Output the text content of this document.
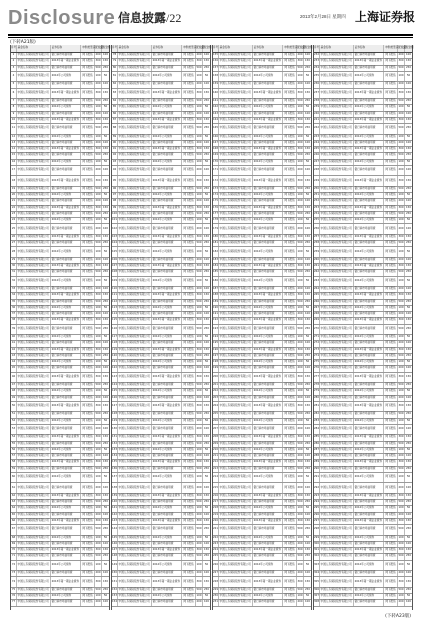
Disclosure 信息披露/22	2013年2月28日 星期四 上海证券报
(下转A21版)
序号 基金名称	证券名称	申购类型 获配数量
获配金额
1	中国人寿保险股份有限公司	银行间市场信用债	网下配售	200 100
2	中国人寿保险股份有限公司	2013年第一期企业债券	网下配售	300 150
3	中国人寿保险股份有限公司	银行间市场信用债	网下配售	500 250
4	中国人寿保险股份有限公司	2012年公司债券	网下配售	100	50
5	中国人寿保险股份有限公司	银行间市场信用债	网下配售	200 100
6	中国人寿保险股份有限公司	2013年第一期企业债券	网下配售	300 150
7	中国人寿保险股份有限公司	银行间市场信用债	网下配售	500 250
8	中国人寿保险股份有限公司	2012年公司债券	网下配售	100	50
9	中国人寿保险股份有限公司	银行间市场信用债	网下配售	200 100
10 中国人寿保险股份有限公司	2013年第一期企业债券	网下配售	300 150
11 中国人寿保险股份有限公司	银行间市场信用债	网下配售	500 250
12 中国人寿保险股份有限公司	2012年公司债券	网下配售	100	50
13 中国人寿保险股份有限公司	银行间市场信用债	网下配售	200 100
14 中国人寿保险股份有限公司	2013年第一期企业债券	网下配售	300 150
15 中国人寿保险股份有限公司	银行间市场信用债	网下配售	500 250
16 中国人寿保险股份有限公司	2012年公司债券	网下配售	100	50
17 中国人寿保险股份有限公司	银行间市场信用债	网下配售	200 100
18 中国人寿保险股份有限公司	2013年第一期企业债券	网下配售	300 150
19 中国人寿保险股份有限公司	银行间市场信用债	网下配售	500 250
20 中国人寿保险股份有限公司	2012年公司债券	网下配售	100	50
21 中国人寿保险股份有限公司	银行间市场信用债	网下配售	200 100
22 中国人寿保险股份有限公司	2013年第一期企业债券	网下配售	300 150
23 中国人寿保险股份有限公司	银行间市场信用债	网下配售	500 250
24 中国人寿保险股份有限公司	2012年公司债券	网下配售	100	50
25 中国人寿保险股份有限公司	银行间市场信用债	网下配售	200 100
26 中国人寿保险股份有限公司	2013年第一期企业债券	网下配售	300 150
27 中国人寿保险股份有限公司	银行间市场信用债	网下配售	500 250
28 中国人寿保险股份有限公司	2012年公司债券	网下配售	100	50
29 中国人寿保险股份有限公司	银行间市场信用债	网下配售	200 100
30 中国人寿保险股份有限公司	2013年第一期企业债券	网下配售	300 150
31 中国人寿保险股份有限公司	银行间市场信用债	网下配售	500 250
32 中国人寿保险股份有限公司	2012年公司债券	网下配售	100	50
33 中国人寿保险股份有限公司	银行间市场信用债	网下配售	200 100
34 中国人寿保险股份有限公司	2013年第一期企业债券	网下配售	300 150
35 中国人寿保险股份有限公司	银行间市场信用债	网下配售	500 250
36 中国人寿保险股份有限公司	2012年公司债券	网下配售	100	50
37 中国人寿保险股份有限公司	银行间市场信用债	网下配售	200 100
38 中国人寿保险股份有限公司	2013年第一期企业债券	网下配售	300 150
39 中国人寿保险股份有限公司	银行间市场信用债	网下配售	500 250
40 中国人寿保险股份有限公司	2012年公司债券	网下配售	100	50
41 中国人寿保险股份有限公司	银行间市场信用债	网下配售	200 100
42 中国人寿保险股份有限公司	2013年第一期企业债券	网下配售	300 150
43 中国人寿保险股份有限公司	银行间市场信用债	网下配售	500 250
44 中国人寿保险股份有限公司	2012年公司债券	网下配售	100	50
45 中国人寿保险股份有限公司	银行间市场信用债	网下配售	200 100
46 中国人寿保险股份有限公司	2013年第一期企业债券	网下配售	300 150
47 中国人寿保险股份有限公司	银行间市场信用债	网下配售	500 250
48 中国人寿保险股份有限公司	2012年公司债券	网下配售	100	50
49 中国人寿保险股份有限公司	银行间市场信用债	网下配售	200 100
50 中国人寿保险股份有限公司	2013年第一期企业债券	网下配售	300 150
51 中国人寿保险股份有限公司	银行间市场信用债	网下配售	500 250
52 中国人寿保险股份有限公司	2012年公司债券	网下配售	100	50
53 中国人寿保险股份有限公司	银行间市场信用债	网下配售	200 100
54 中国人寿保险股份有限公司	2013年第一期企业债券	网下配售	300 150
55 中国人寿保险股份有限公司	银行间市场信用债	网下配售	500 250
56 中国人寿保险股份有限公司	2012年公司债券	网下配售	100	50
57 中国人寿保险股份有限公司	银行间市场信用债	网下配售	200 100
58 中国人寿保险股份有限公司	2013年第一期企业债券	网下配售	300 150
59 中国人寿保险股份有限公司	银行间市场信用债	网下配售	500 250
60 中国人寿保险股份有限公司	2012年公司债券	网下配售	100	50
61 中国人寿保险股份有限公司	银行间市场信用债	网下配售	200 100
62 中国人寿保险股份有限公司	2013年第一期企业债券	网下配售	300 150
63 中国人寿保险股份有限公司	银行间市场信用债	网下配售	500 250
64 中国人寿保险股份有限公司	2012年公司债券	网下配售	100	50
65 中国人寿保险股份有限公司	银行间市场信用债	网下配售	200 100
66 中国人寿保险股份有限公司	2013年第一期企业债券	网下配售	300 150
67 中国人寿保险股份有限公司	银行间市场信用债	网下配售	500 250
68 中国人寿保险股份有限公司	2012年公司债券	网下配售	100	50
69 中国人寿保险股份有限公司	银行间市场信用债	网下配售	200 100
70 中国人寿保险股份有限公司	2013年第一期企业债券	网下配售	300 150
71 中国人寿保险股份有限公司	银行间市场信用债	网下配售	500 250
72 中国人寿保险股份有限公司	2012年公司债券	网下配售	100	50
73 中国人寿保险股份有限公司	银行间市场信用债	网下配售	200 100
74 中国人寿保险股份有限公司	2013年第一期企业债券	网下配售	300 150
75 中国人寿保险股份有限公司	银行间市场信用债	网下配售	500 250
76 中国人寿保险股份有限公司	2012年公司债券	网下配售	100	50
77 中国人寿保险股份有限公司	银行间市场信用债	网下配售	200 100
序号 基金名称	证券名称	申购类型 获配数量
获配金额
78 中国人寿保险股份有限公司	银行间市场信用债	网下配售	200 100
79 中国人寿保险股份有限公司	2013年第一期企业债券	网下配售	300 150
80 中国人寿保险股份有限公司	银行间市场信用债	网下配售	500 250
81 中国人寿保险股份有限公司	2012年公司债券	网下配售	100	50
82 中国人寿保险股份有限公司	银行间市场信用债	网下配售	200 100
83 中国人寿保险股份有限公司	2013年第一期企业债券	网下配售	300 150
84 中国人寿保险股份有限公司	银行间市场信用债	网下配售	500 250
85 中国人寿保险股份有限公司	2012年公司债券	网下配售	100	50
86 中国人寿保险股份有限公司	银行间市场信用债	网下配售	200 100
87 中国人寿保险股份有限公司	2013年第一期企业债券	网下配售	300 150
88 中国人寿保险股份有限公司	银行间市场信用债	网下配售	500 250
89 中国人寿保险股份有限公司	2012年公司债券	网下配售	100	50
90 中国人寿保险股份有限公司	银行间市场信用债	网下配售	200 100
91 中国人寿保险股份有限公司	2013年第一期企业债券	网下配售	300 150
92 中国人寿保险股份有限公司	银行间市场信用债	网下配售	500 250
93 中国人寿保险股份有限公司	2012年公司债券	网下配售	100	50
94 中国人寿保险股份有限公司	银行间市场信用债	网下配售	200 100
95 中国人寿保险股份有限公司	2013年第一期企业债券	网下配售	300 150
96 中国人寿保险股份有限公司	银行间市场信用债	网下配售	500 250
97 中国人寿保险股份有限公司	2012年公司债券	网下配售	100	50
98 中国人寿保险股份有限公司	银行间市场信用债	网下配售	200 100
99 中国人寿保险股份有限公司	2013年第一期企业债券	网下配售	300 150
100 中国人寿保险股份有限公司	银行间市场信用债	网下配售	500 250
101 中国人寿保险股份有限公司	2012年公司债券	网下配售	100	50
102 中国人寿保险股份有限公司	银行间市场信用债	网下配售	200 100
103 中国人寿保险股份有限公司	2013年第一期企业债券	网下配售	300 150
104 中国人寿保险股份有限公司	银行间市场信用债	网下配售	500 250
105 中国人寿保险股份有限公司	2012年公司债券	网下配售	100	50
106 中国人寿保险股份有限公司	银行间市场信用债	网下配售	200 100
107 中国人寿保险股份有限公司	2013年第一期企业债券	网下配售	300 150
108 中国人寿保险股份有限公司	银行间市场信用债	网下配售	500 250
109 中国人寿保险股份有限公司	2012年公司债券	网下配售	100	50
110 中国人寿保险股份有限公司	银行间市场信用债	网下配售	200 100
111 中国人寿保险股份有限公司	2013年第一期企业债券	网下配售	300 150
112 中国人寿保险股份有限公司	银行间市场信用债	网下配售	500 250
113 中国人寿保险股份有限公司	2012年公司债券	网下配售	100	50
114 中国人寿保险股份有限公司	银行间市场信用债	网下配售	200 100
115 中国人寿保险股份有限公司	2013年第一期企业债券	网下配售	300 150
116 中国人寿保险股份有限公司	银行间市场信用债	网下配售	500 250
117 中国人寿保险股份有限公司	2012年公司债券	网下配售	100	50
118 中国人寿保险股份有限公司	银行间市场信用债	网下配售	200 100
119 中国人寿保险股份有限公司	2013年第一期企业债券	网下配售	300 150
120 中国人寿保险股份有限公司	银行间市场信用债	网下配售	500 250
121 中国人寿保险股份有限公司	2012年公司债券	网下配售	100	50
122 中国人寿保险股份有限公司	银行间市场信用债	网下配售	200 100
123 中国人寿保险股份有限公司	2013年第一期企业债券	网下配售	300 150
124 中国人寿保险股份有限公司	银行间市场信用债	网下配售	500 250
125 中国人寿保险股份有限公司	2012年公司债券	网下配售	100	50
126 中国人寿保险股份有限公司	银行间市场信用债	网下配售	200 100
127 中国人寿保险股份有限公司	2013年第一期企业债券	网下配售	300 150
128 中国人寿保险股份有限公司	银行间市场信用债	网下配售	500 250
129 中国人寿保险股份有限公司	2012年公司债券	网下配售	100	50
130 中国人寿保险股份有限公司	银行间市场信用债	网下配售	200 100
131 中国人寿保险股份有限公司	2013年第一期企业债券	网下配售	300 150
132 中国人寿保险股份有限公司	银行间市场信用债	网下配售	500 250
133 中国人寿保险股份有限公司	2012年公司债券	网下配售	100	50
134 中国人寿保险股份有限公司	银行间市场信用债	网下配售	200 100
135 中国人寿保险股份有限公司	2013年第一期企业债券	网下配售	300 150
136 中国人寿保险股份有限公司	银行间市场信用债	网下配售	500 250
137 中国人寿保险股份有限公司	2012年公司债券	网下配售	100	50
138 中国人寿保险股份有限公司	银行间市场信用债	网下配售	200 100
139 中国人寿保险股份有限公司	2013年第一期企业债券	网下配售	300 150
140 中国人寿保险股份有限公司	银行间市场信用债	网下配售	500 250
141 中国人寿保险股份有限公司	2012年公司债券	网下配售	100	50
142 中国人寿保险股份有限公司	银行间市场信用债	网下配售	200 100
143 中国人寿保险股份有限公司	2013年第一期企业债券	网下配售	300 150
144 中国人寿保险股份有限公司	银行间市场信用债	网下配售	500 250
145 中国人寿保险股份有限公司	2012年公司债券	网下配售	100	50
146 中国人寿保险股份有限公司	银行间市场信用债	网下配售	200 100
147 中国人寿保险股份有限公司	2013年第一期企业债券	网下配售	300 150
148 中国人寿保险股份有限公司	银行间市场信用债	网下配售	500 250
149 中国人寿保险股份有限公司	2012年公司债券	网下配售	100	50
150 中国人寿保险股份有限公司	银行间市场信用债	网下配售	200 100
151 中国人寿保险股份有限公司	2013年第一期企业债券	网下配售	300 150
152 中国人寿保险股份有限公司	银行间市场信用债	网下配售	500 250
153 中国人寿保险股份有限公司	2012年公司债券	网下配售	100	50
154 中国人寿保险股份有限公司	银行间市场信用债	网下配售	200 100
序号 基金名称	证券名称	申购类型 获配数量
获配金额
155 中国人寿保险股份有限公司	银行间市场信用债	网下配售	200 100
156 中国人寿保险股份有限公司	2013年第一期企业债券	网下配售	300 150
157 中国人寿保险股份有限公司	银行间市场信用债	网下配售	500 250
158 中国人寿保险股份有限公司	2012年公司债券	网下配售	100	50
159 中国人寿保险股份有限公司	银行间市场信用债	网下配售	200 100
160 中国人寿保险股份有限公司	2013年第一期企业债券	网下配售	300 150
161 中国人寿保险股份有限公司	银行间市场信用债	网下配售	500 250
162 中国人寿保险股份有限公司	2012年公司债券	网下配售	100	50
163 中国人寿保险股份有限公司	银行间市场信用债	网下配售	200 100
164 中国人寿保险股份有限公司	2013年第一期企业债券	网下配售	300 150
165 中国人寿保险股份有限公司	银行间市场信用债	网下配售	500 250
166 中国人寿保险股份有限公司	2012年公司债券	网下配售	100	50
167 中国人寿保险股份有限公司	银行间市场信用债	网下配售	200 100
168 中国人寿保险股份有限公司	2013年第一期企业债券	网下配售	300 150
169 中国人寿保险股份有限公司	银行间市场信用债	网下配售	500 250
170 中国人寿保险股份有限公司	2012年公司债券	网下配售	100	50
171 中国人寿保险股份有限公司	银行间市场信用债	网下配售	200 100
172 中国人寿保险股份有限公司	2013年第一期企业债券	网下配售	300 150
173 中国人寿保险股份有限公司	银行间市场信用债	网下配售	500 250
174 中国人寿保险股份有限公司	2012年公司债券	网下配售	100	50
175 中国人寿保险股份有限公司	银行间市场信用债	网下配售	200 100
176 中国人寿保险股份有限公司	2013年第一期企业债券	网下配售	300 150
177 中国人寿保险股份有限公司	银行间市场信用债	网下配售	500 250
178 中国人寿保险股份有限公司	2012年公司债券	网下配售	100	50
179 中国人寿保险股份有限公司	银行间市场信用债	网下配售	200 100
180 中国人寿保险股份有限公司	2013年第一期企业债券	网下配售	300 150
181 中国人寿保险股份有限公司	银行间市场信用债	网下配售	500 250
182 中国人寿保险股份有限公司	2012年公司债券	网下配售	100	50
183 中国人寿保险股份有限公司	银行间市场信用债	网下配售	200 100
184 中国人寿保险股份有限公司	2013年第一期企业债券	网下配售	300 150
185 中国人寿保险股份有限公司	银行间市场信用债	网下配售	500 250
186 中国人寿保险股份有限公司	2012年公司债券	网下配售	100	50
187 中国人寿保险股份有限公司	银行间市场信用债	网下配售	200 100
188 中国人寿保险股份有限公司	2013年第一期企业债券	网下配售	300 150
189 中国人寿保险股份有限公司	银行间市场信用债	网下配售	500 250
190 中国人寿保险股份有限公司	2012年公司债券	网下配售	100	50
191 中国人寿保险股份有限公司	银行间市场信用债	网下配售	200 100
192 中国人寿保险股份有限公司	2013年第一期企业债券	网下配售	300 150
193 中国人寿保险股份有限公司	银行间市场信用债	网下配售	500 250
194 中国人寿保险股份有限公司	2012年公司债券	网下配售	100	50
195 中国人寿保险股份有限公司	银行间市场信用债	网下配售	200 100
196 中国人寿保险股份有限公司	2013年第一期企业债券	网下配售	300 150
197 中国人寿保险股份有限公司	银行间市场信用债	网下配售	500 250
198 中国人寿保险股份有限公司	2012年公司债券	网下配售	100	50
199 中国人寿保险股份有限公司	银行间市场信用债	网下配售	200 100
200 中国人寿保险股份有限公司	2013年第一期企业债券	网下配售	300 150
201 中国人寿保险股份有限公司	银行间市场信用债	网下配售	500 250
202 中国人寿保险股份有限公司	2012年公司债券	网下配售	100	50
203 中国人寿保险股份有限公司	银行间市场信用债	网下配售	200 100
204 中国人寿保险股份有限公司	2013年第一期企业债券	网下配售	300 150
205 中国人寿保险股份有限公司	银行间市场信用债	网下配售	500 250
206 中国人寿保险股份有限公司	2012年公司债券	网下配售	100	50
207 中国人寿保险股份有限公司	银行间市场信用债	网下配售	200 100
208 中国人寿保险股份有限公司	2013年第一期企业债券	网下配售	300 150
209 中国人寿保险股份有限公司	银行间市场信用债	网下配售	500 250
210 中国人寿保险股份有限公司	2012年公司债券	网下配售	100	50
211 中国人寿保险股份有限公司	银行间市场信用债	网下配售	200 100
212 中国人寿保险股份有限公司	2013年第一期企业债券	网下配售	300 150
213 中国人寿保险股份有限公司	银行间市场信用债	网下配售	500 250
214 中国人寿保险股份有限公司	2012年公司债券	网下配售	100	50
215 中国人寿保险股份有限公司	银行间市场信用债	网下配售	200 100
216 中国人寿保险股份有限公司	2013年第一期企业债券	网下配售	300 150
217 中国人寿保险股份有限公司	银行间市场信用债	网下配售	500 250
218 中国人寿保险股份有限公司	2012年公司债券	网下配售	100	50
219 中国人寿保险股份有限公司	银行间市场信用债	网下配售	200 100
220 中国人寿保险股份有限公司	2013年第一期企业债券	网下配售	300 150
221 中国人寿保险股份有限公司	银行间市场信用债	网下配售	500 250
222 中国人寿保险股份有限公司	2012年公司债券	网下配售	100	50
223 中国人寿保险股份有限公司	银行间市场信用债	网下配售	200 100
224 中国人寿保险股份有限公司	2013年第一期企业债券	网下配售	300 150
225 中国人寿保险股份有限公司	银行间市场信用债	网下配售	500 250
226 中国人寿保险股份有限公司	2012年公司债券	网下配售	100	50
227 中国人寿保险股份有限公司	银行间市场信用债	网下配售	200 100
228 中国人寿保险股份有限公司	2013年第一期企业债券	网下配售	300 150
229 中国人寿保险股份有限公司	银行间市场信用债	网下配售	500 250
230 中国人寿保险股份有限公司	2012年公司债券	网下配售	100	50
231 中国人寿保险股份有限公司	银行间市场信用债	网下配售	200 100
序号 基金名称	证券名称	申购类型 获配数量
获配金额
232 中国人寿保险股份有限公司	银行间市场信用债	网下配售	200 100
233 中国人寿保险股份有限公司	2013年第一期企业债券	网下配售	300 150
234 中国人寿保险股份有限公司	银行间市场信用债	网下配售	500 250
235 中国人寿保险股份有限公司	2012年公司债券	网下配售	100	50
236 中国人寿保险股份有限公司	银行间市场信用债	网下配售	200 100
237 中国人寿保险股份有限公司	2013年第一期企业债券	网下配售	300 150
238 中国人寿保险股份有限公司	银行间市场信用债	网下配售	500 250
239 中国人寿保险股份有限公司	2012年公司债券	网下配售	100	50
240 中国人寿保险股份有限公司	银行间市场信用债	网下配售	200 100
241 中国人寿保险股份有限公司	2013年第一期企业债券	网下配售	300 150
242 中国人寿保险股份有限公司	银行间市场信用债	网下配售	500 250
243 中国人寿保险股份有限公司	2012年公司债券	网下配售	100	50
244 中国人寿保险股份有限公司	银行间市场信用债	网下配售	200 100
245 中国人寿保险股份有限公司	2013年第一期企业债券	网下配售	300 150
246 中国人寿保险股份有限公司	银行间市场信用债	网下配售	500 250
247 中国人寿保险股份有限公司	2012年公司债券	网下配售	100	50
248 中国人寿保险股份有限公司	银行间市场信用债	网下配售	200 100
249 中国人寿保险股份有限公司	2013年第一期企业债券	网下配售	300 150
250 中国人寿保险股份有限公司	银行间市场信用债	网下配售	500 250
251 中国人寿保险股份有限公司	2012年公司债券	网下配售	100	50
252 中国人寿保险股份有限公司	银行间市场信用债	网下配售	200 100
253 中国人寿保险股份有限公司	2013年第一期企业债券	网下配售	300 150
254 中国人寿保险股份有限公司	银行间市场信用债	网下配售	500 250
255 中国人寿保险股份有限公司	2012年公司债券	网下配售	100	50
256 中国人寿保险股份有限公司	银行间市场信用债	网下配售	200 100
257 中国人寿保险股份有限公司	2013年第一期企业债券	网下配售	300 150
258 中国人寿保险股份有限公司	银行间市场信用债	网下配售	500 250
259 中国人寿保险股份有限公司	2012年公司债券	网下配售	100	50
260 中国人寿保险股份有限公司	银行间市场信用债	网下配售	200 100
261 中国人寿保险股份有限公司	2013年第一期企业债券	网下配售	300 150
262 中国人寿保险股份有限公司	银行间市场信用债	网下配售	500 250
263 中国人寿保险股份有限公司	2012年公司债券	网下配售	100	50
264 中国人寿保险股份有限公司	银行间市场信用债	网下配售	200 100
265 中国人寿保险股份有限公司	2013年第一期企业债券	网下配售	300 150
266 中国人寿保险股份有限公司	银行间市场信用债	网下配售	500 250
267 中国人寿保险股份有限公司	2012年公司债券	网下配售	100	50
268 中国人寿保险股份有限公司	银行间市场信用债	网下配售	200 100
269 中国人寿保险股份有限公司	2013年第一期企业债券	网下配售	300 150
270 中国人寿保险股份有限公司	银行间市场信用债	网下配售	500 250
271 中国人寿保险股份有限公司	2012年公司债券	网下配售	100	50
272 中国人寿保险股份有限公司	银行间市场信用债	网下配售	200 100
273 中国人寿保险股份有限公司	2013年第一期企业债券	网下配售	300 150
274 中国人寿保险股份有限公司	银行间市场信用债	网下配售	500 250
275 中国人寿保险股份有限公司	2012年公司债券	网下配售	100	50
276 中国人寿保险股份有限公司	银行间市场信用债	网下配售	200 100
277 中国人寿保险股份有限公司	2013年第一期企业债券	网下配售	300 150
278 中国人寿保险股份有限公司	银行间市场信用债	网下配售	500 250
279 中国人寿保险股份有限公司	2012年公司债券	网下配售	100	50
280 中国人寿保险股份有限公司	银行间市场信用债	网下配售	200 100
281 中国人寿保险股份有限公司	2013年第一期企业债券	网下配售	300 150
282 中国人寿保险股份有限公司	银行间市场信用债	网下配售	500 250
283 中国人寿保险股份有限公司	2012年公司债券	网下配售	100	50
284 中国人寿保险股份有限公司	银行间市场信用债	网下配售	200 100
285 中国人寿保险股份有限公司	2013年第一期企业债券	网下配售	300 150
286 中国人寿保险股份有限公司	银行间市场信用债	网下配售	500 250
287 中国人寿保险股份有限公司	2012年公司债券	网下配售	100	50
288 中国人寿保险股份有限公司	银行间市场信用债	网下配售	200 100
289 中国人寿保险股份有限公司	2013年第一期企业债券	网下配售	300 150
290 中国人寿保险股份有限公司	银行间市场信用债	网下配售	500 250
291 中国人寿保险股份有限公司	2012年公司债券	网下配售	100	50
292 中国人寿保险股份有限公司	银行间市场信用债	网下配售	200 100
293 中国人寿保险股份有限公司	2013年第一期企业债券	网下配售	300 150
294 中国人寿保险股份有限公司	银行间市场信用债	网下配售	500 250
295 中国人寿保险股份有限公司	2012年公司债券	网下配售	100	50
296 中国人寿保险股份有限公司	银行间市场信用债	网下配售	200 100
297 中国人寿保险股份有限公司	2013年第一期企业债券	网下配售	300 150
298 中国人寿保险股份有限公司	银行间市场信用债	网下配售	500 250
299 中国人寿保险股份有限公司	2012年公司债券	网下配售	100	50
300 中国人寿保险股份有限公司	银行间市场信用债	网下配售	200 100
301 中国人寿保险股份有限公司	2013年第一期企业债券	网下配售	300 150
302 中国人寿保险股份有限公司	银行间市场信用债	网下配售	500 250
303 中国人寿保险股份有限公司	2012年公司债券	网下配售	100	50
304 中国人寿保险股份有限公司	银行间市场信用债	网下配售	200 100
305 中国人寿保险股份有限公司	2013年第一期企业债券	网下配售	300 150
306 中国人寿保险股份有限公司	银行间市场信用债	网下配售	500 250
307 中国人寿保险股份有限公司	2012年公司债券	网下配售	100	50
308 中国人寿保险股份有限公司	银行间市场信用债	网下配售	200 100
(下转A23版)
